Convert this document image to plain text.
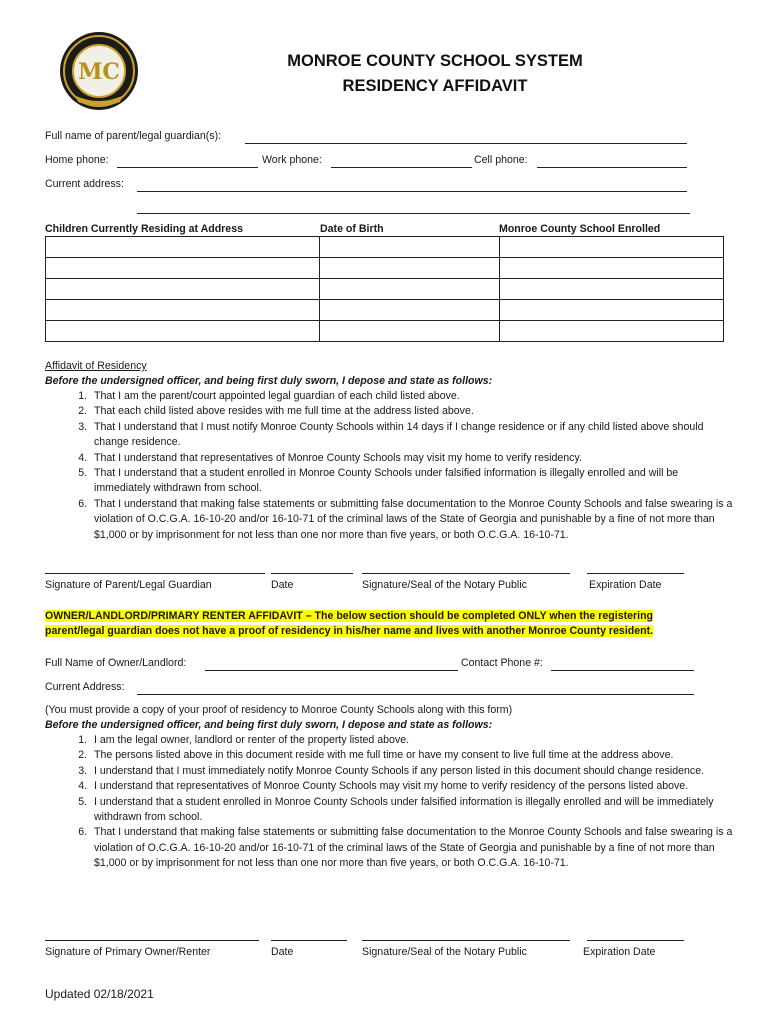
MC	MONROE COUNTY SCHOOL SYSTEM
RESIDENCY AFFIDAVIT
Full name of parent/legal guardian(s):
Home phone:	Work phone:	Cell phone:
Current address:
Children Currently Residing at Address	Date of Birth	Monroe County School Enrolled

Affidavit of Residency
Before the undersigned officer, and being first duly sworn, I depose and state as follows:
1. That I am the parent/court appointed legal guardian of each child listed above.
2. That each child listed above resides with me full time at the address listed above.
3. That I understand that I must notify Monroe County Schools within 14 days if I change residence or if any child listed above should change residence.
4. That I understand that representatives of Monroe County Schools may visit my home to verify residency.
5. That I understand that a student enrolled in Monroe County Schools under falsified information is illegally enrolled and will be immediately withdrawn from school.
6. That I understand that making false statements or submitting false documentation to the Monroe County Schools and false swearing is a violation of O.C.G.A. 16-10-20 and/or 16-10-71 of the criminal laws of the State of Georgia and punishable by a fine of not more than $1,000 or by imprisonment for not less than one nor more than five years, or both O.C.G.A. 16-10-71.
Signature of Parent/Legal Guardian	Date	Signature/Seal of the Notary Public	Expiration Date
OWNER/LANDLORD/PRIMARY RENTER AFFIDAVIT – The below section should be completed ONLY when the registering
parent/legal guardian does not have a proof of residency in his/her name and lives with another Monroe County resident.
Full Name of Owner/Landlord:	Contact Phone #:
Current Address:
(You must provide a copy of your proof of residency to Monroe County Schools along with this form)
Before the undersigned officer, and being first duly sworn, I depose and state as follows:
1. I am the legal owner, landlord or renter of the property listed above.
2. The persons listed above in this document reside with me full time or have my consent to live full time at the address above.
3. I understand that I must immediately notify Monroe County Schools if any person listed in this document should change residence.
4. I understand that representatives of Monroe County Schools may visit my home to verify residency of the persons listed above.
5. I understand that a student enrolled in Monroe County Schools under falsified information is illegally enrolled and will be immediately withdrawn from school.
6. That I understand that making false statements or submitting false documentation to the Monroe County Schools and false swearing is a violation of O.C.G.A. 16-10-20 and/or 16-10-71 of the criminal laws of the State of Georgia and punishable by a fine of not more than $1,000 or by imprisonment for not less than one nor more than five years, or both O.C.G.A. 16-10-71.
Signature of Primary Owner/Renter	Date	Signature/Seal of the Notary Public	Expiration Date
Updated 02/18/2021
